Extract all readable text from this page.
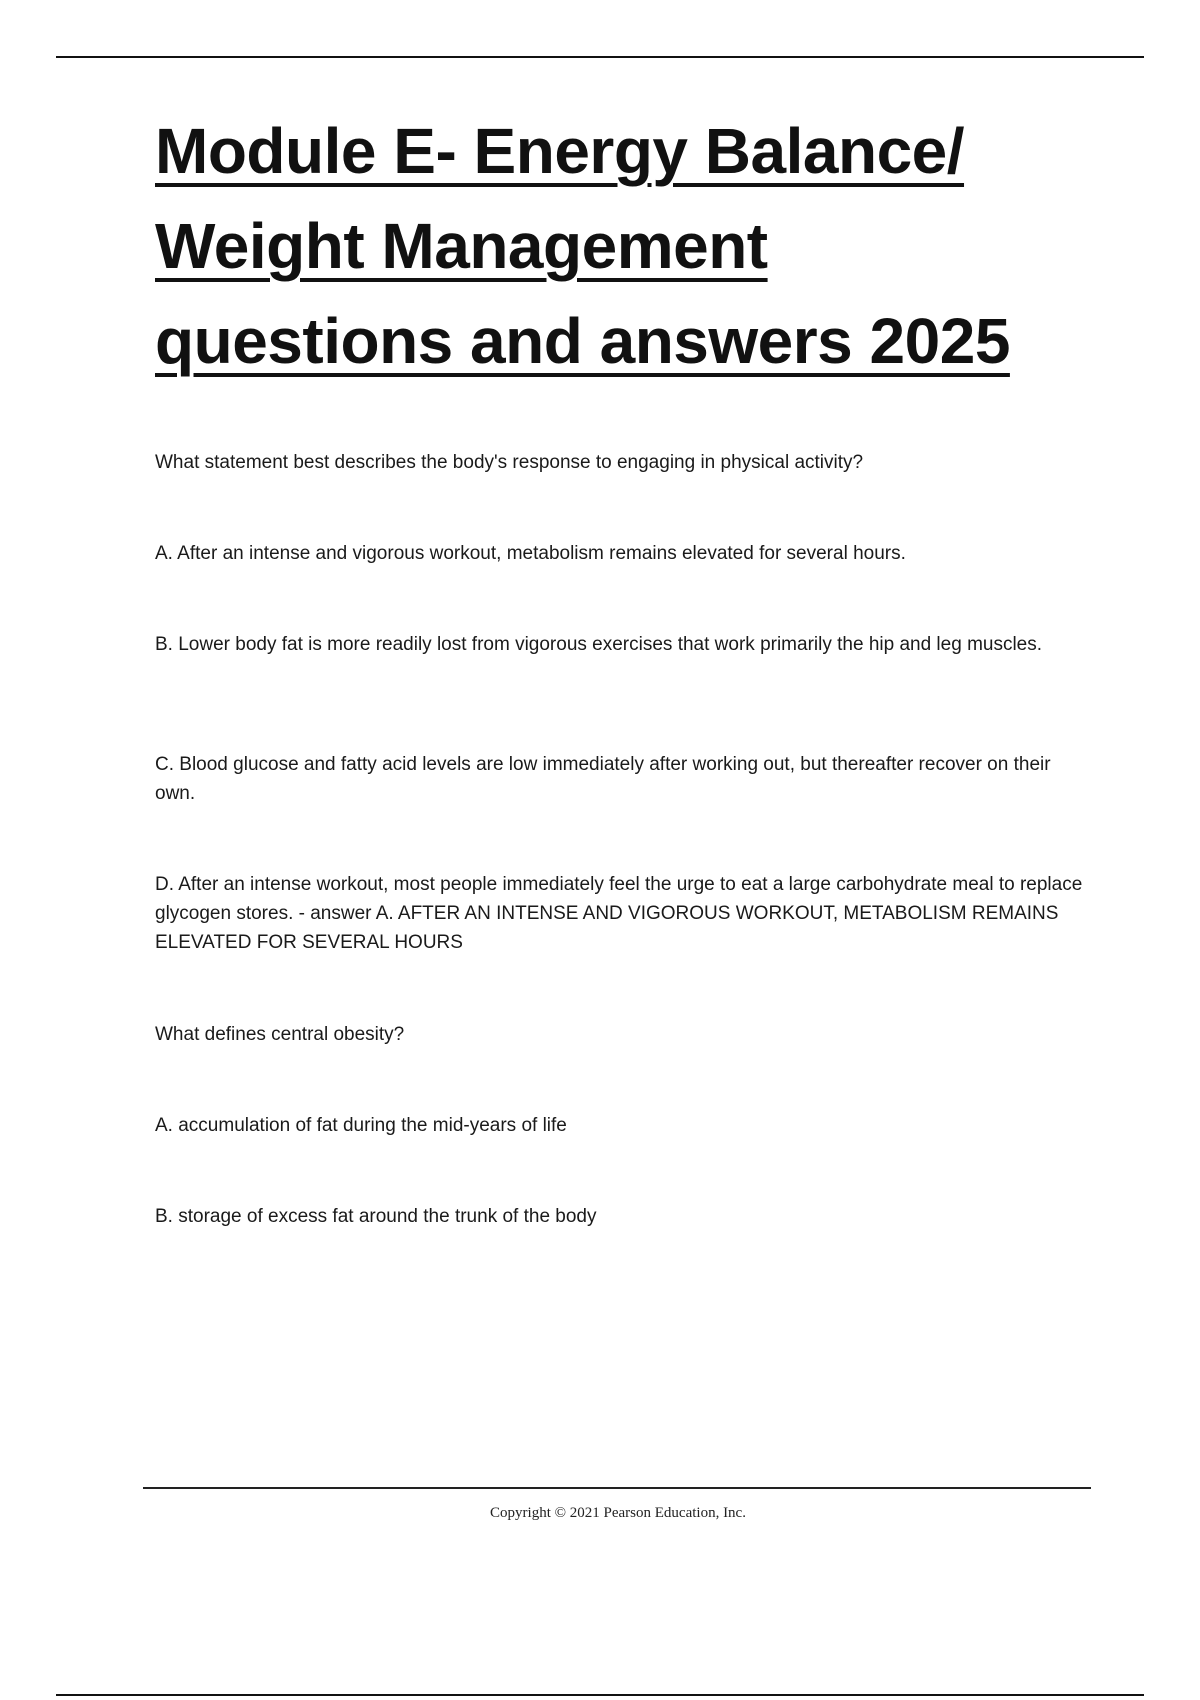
Module E- Energy Balance/
Weight Management
questions and answers 2025

What statement best describes the body's response to engaging in physical activity?

A. After an intense and vigorous workout, metabolism remains elevated for several hours.

B. Lower body fat is more readily lost from vigorous exercises that work primarily the hip and leg muscles.

C. Blood glucose and fatty acid levels are low immediately after working out, but thereafter recover on their own.

D. After an intense workout, most people immediately feel the urge to eat a large carbohydrate meal to replace glycogen stores. - answer A. AFTER AN INTENSE AND VIGOROUS WORKOUT, METABOLISM REMAINS ELEVATED FOR SEVERAL HOURS

What defines central obesity?

A. accumulation of fat during the mid-years of life

B. storage of excess fat around the trunk of the body

Copyright © 2021 Pearson Education, Inc.
